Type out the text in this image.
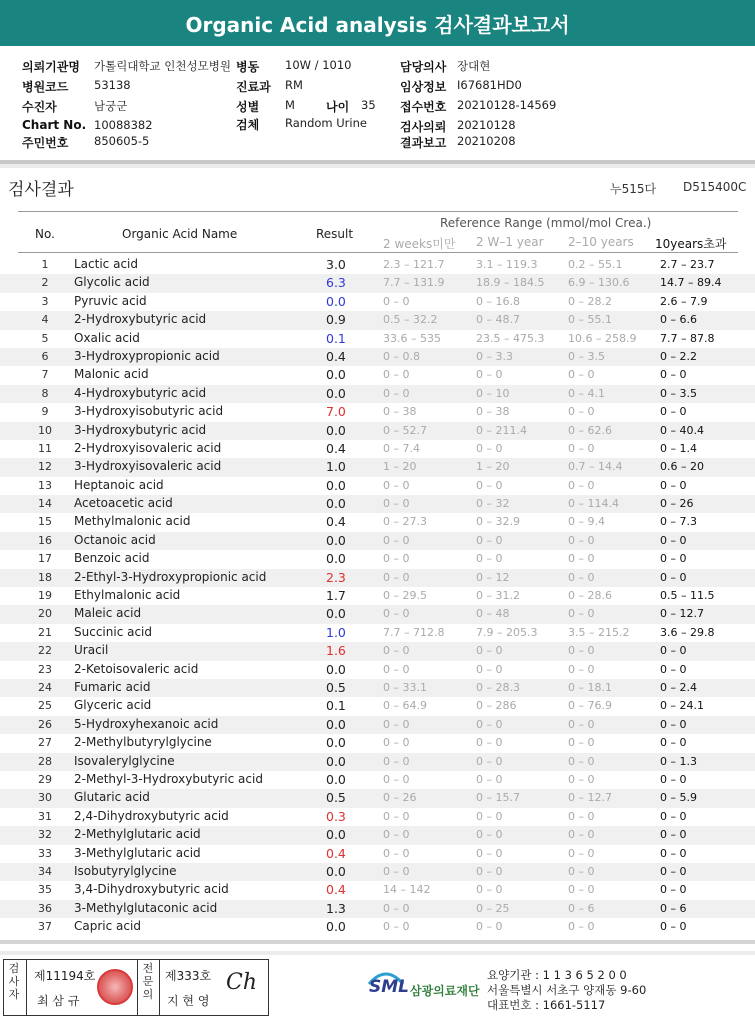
Organic Acid analysis 검사결과보고서
의뢰기관명 가톨릭대학교 인천성모병원 병동 10W / 1010	담당의사 장대현
병원코드 53138	진료과 RM	임상정보 I67681HD0
수진자	남궁군	성별 M	나이 35 접수번호 20210128-14569
Chart No. 10088382	검체 Random Urine	검사의뢰 20210128
주민번호 850605-5	결과보고 20210208
검사결과	누515다 D515400C
No.	Organic Acid Name	Result
Reference Range (mmol/mol Crea.)
2 weeks미만 2 W–1 year 2–10 years 10years초과
1	Lactic acid	3.0	2.3 – 121.7	3.1 – 119.3	0.2 – 55.1	2.7 – 23.7
2	Glycolic acid	6.3	7.7 – 131.9	18.9 – 184.5 6.9 – 130.6	14.7 – 89.4
3	Pyruvic acid	0.0	0 – 0	0 – 16.8	0 – 28.2	2.6 – 7.9
4	2-Hydroxybutyric acid	0.9	0.5 – 32.2	0 – 48.7	0 – 55.1	0 – 6.6
5	Oxalic acid	0.1	33.6 – 535	23.5 – 475.3 10.6 – 258.9 7.7 – 87.8
6	3-Hydroxypropionic acid	0.4	0 – 0.8	0 – 3.3	0 – 3.5	0 – 2.2
7	Malonic acid	0.0	0 – 0	0 – 0	0 – 0	0 – 0
8	4-Hydroxybutyric acid	0.0	0 – 0	0 – 10	0 – 4.1	0 – 3.5
9	3-Hydroxyisobutyric acid	7.0	0 – 38	0 – 38	0 – 0	0 – 0
10	3-Hydroxybutyric acid	0.0	0 – 52.7	0 – 211.4	0 – 62.6	0 – 40.4
11	2-Hydroxyisovaleric acid	0.4	0 – 7.4	0 – 0	0 – 0	0 – 1.4
12	3-Hydroxyisovaleric acid	1.0	1 – 20	1 – 20	0.7 – 14.4	0.6 – 20
13	Heptanoic acid	0.0	0 – 0	0 – 0	0 – 0	0 – 0
14	Acetoacetic acid	0.0	0 – 0	0 – 32	0 – 114.4	0 – 26
15	Methylmalonic acid	0.4	0 – 27.3	0 – 32.9	0 – 9.4	0 – 7.3
16	Octanoic acid	0.0	0 – 0	0 – 0	0 – 0	0 – 0
17	Benzoic acid	0.0	0 – 0	0 – 0	0 – 0	0 – 0
18	2-Ethyl-3-Hydroxypropionic acid	2.3	0 – 0	0 – 12	0 – 0	0 – 0
19	Ethylmalonic acid	1.7	0 – 29.5	0 – 31.2	0 – 28.6	0.5 – 11.5
20	Maleic acid	0.0	0 – 0	0 – 48	0 – 0	0 – 12.7
21	Succinic acid	1.0	7.7 – 712.8	7.9 – 205.3	3.5 – 215.2	3.6 – 29.8
22	Uracil	1.6	0 – 0	0 – 0	0 – 0	0 – 0
23	2-Ketoisovaleric acid	0.0	0 – 0	0 – 0	0 – 0	0 – 0
24	Fumaric acid	0.5	0 – 33.1	0 – 28.3	0 – 18.1	0 – 2.4
25	Glyceric acid	0.1	0 – 64.9	0 – 286	0 – 76.9	0 – 24.1
26	5-Hydroxyhexanoic acid	0.0	0 – 0	0 – 0	0 – 0	0 – 0
27	2-Methylbutyrylglycine	0.0	0 – 0	0 – 0	0 – 0	0 – 0
28	Isovalerylglycine	0.0	0 – 0	0 – 0	0 – 0	0 – 1.3
29	2-Methyl-3-Hydroxybutyric acid	0.0	0 – 0	0 – 0	0 – 0	0 – 0
30	Glutaric acid	0.5	0 – 26	0 – 15.7	0 – 12.7	0 – 5.9
31	2,4-Dihydroxybutyric acid	0.3	0 – 0	0 – 0	0 – 0	0 – 0
32	2-Methylglutaric acid	0.0	0 – 0	0 – 0	0 – 0	0 – 0
33	3-Methylglutaric acid	0.4	0 – 0	0 – 0	0 – 0	0 – 0
34	Isobutyrylglycine	0.0	0 – 0	0 – 0	0 – 0	0 – 0
35	3,4-Dihydroxybutyric acid	0.4	14 – 142	0 – 0	0 – 0	0 – 0
36	3-Methylglutaconic acid	1.3	0 – 0	0 – 25	0 – 6	0 – 6
37	Capric acid	0.0	0 – 0	0 – 0	0 – 0	0 – 0
검사자
제11194호
최 삼 규
전문의
제333호
지 현 영
Ch	SML 삼광의료재단
요양기관 : 1 1 3 6 5 2 0 0
서울특별시 서초구 양재동 9-60
대표번호 : 1661-5117
